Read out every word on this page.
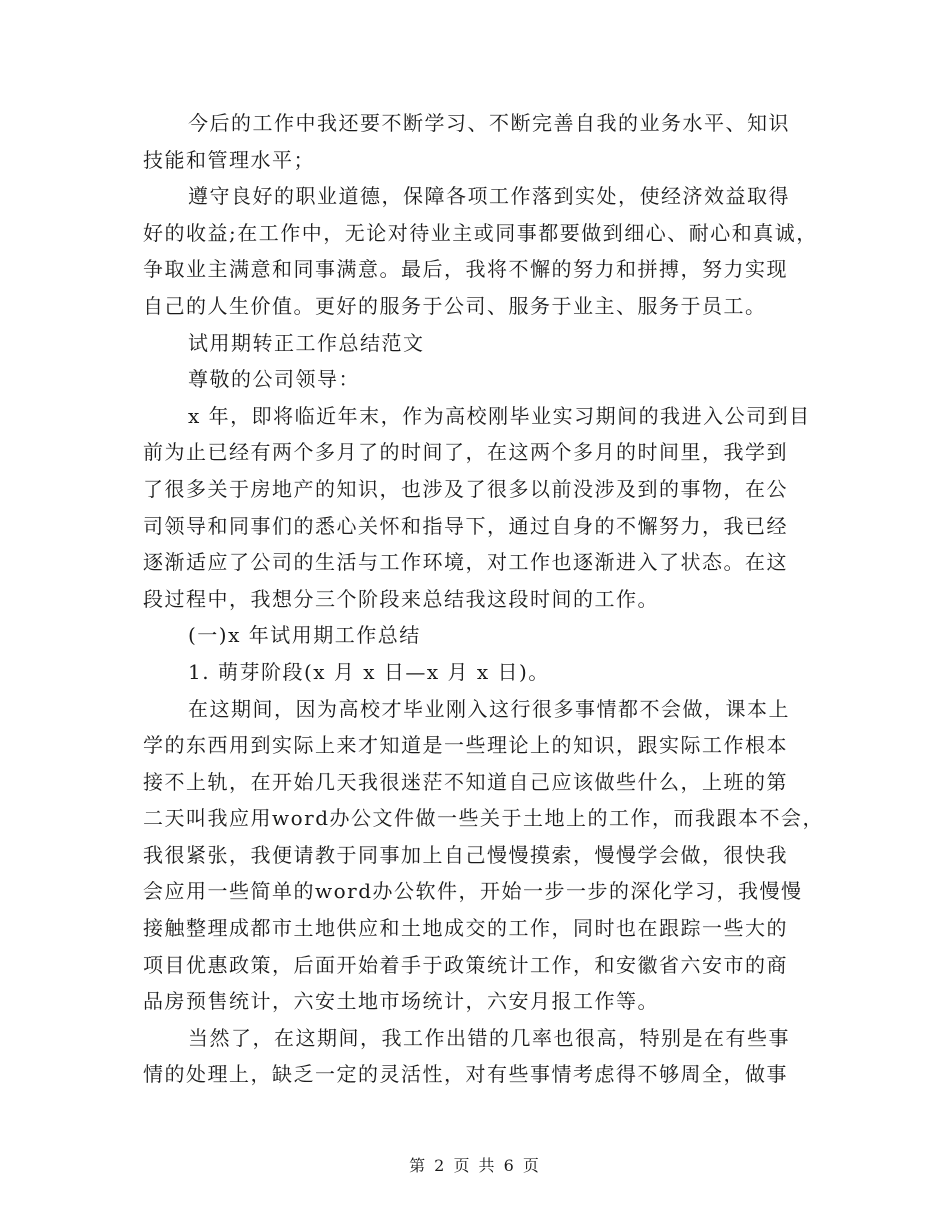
今后的工作中我还要不断学习、不断完善自我的业务水平、知识
技能和管理水平；
遵守良好的职业道德，保障各项工作落到实处，使经济效益取得
好的收益;在工作中，无论对待业主或同事都要做到细心、耐心和真诚，
争取业主满意和同事满意。最后，我将不懈的努力和拼搏，努力实现
自己的人生价值。更好的服务于公司、服务于业主、服务于员工。
试用期转正工作总结范文
尊敬的公司领导：
x 年，即将临近年末，作为高校刚毕业实习期间的我进入公司到目
前为止已经有两个多月了的时间了，在这两个多月的时间里，我学到
了很多关于房地产的知识，也涉及了很多以前没涉及到的事物，在公
司领导和同事们的悉心关怀和指导下，通过自身的不懈努力，我已经
逐渐适应了公司的生活与工作环境，对工作也逐渐进入了状态。在这
段过程中，我想分三个阶段来总结我这段时间的工作。
(一)x 年试用期工作总结
1. 萌芽阶段(x 月 x 日—x 月 x 日)。
在这期间，因为高校才毕业刚入这行很多事情都不会做，课本上
学的东西用到实际上来才知道是一些理论上的知识，跟实际工作根本
接不上轨，在开始几天我很迷茫不知道自己应该做些什么，上班的第
二天叫我应用word办公文件做一些关于土地上的工作，而我跟本不会，
我很紧张，我便请教于同事加上自己慢慢摸索，慢慢学会做，很快我
会应用一些简单的word办公软件，开始一步一步的深化学习，我慢慢
接触整理成都市土地供应和土地成交的工作，同时也在跟踪一些大的
项目优惠政策，后面开始着手于政策统计工作，和安徽省六安市的商
品房预售统计，六安土地市场统计，六安月报工作等。
当然了，在这期间，我工作出错的几率也很高，特别是在有些事
情的处理上，缺乏一定的灵活性，对有些事情考虑得不够周全，做事
第 2 页 共 6 页
